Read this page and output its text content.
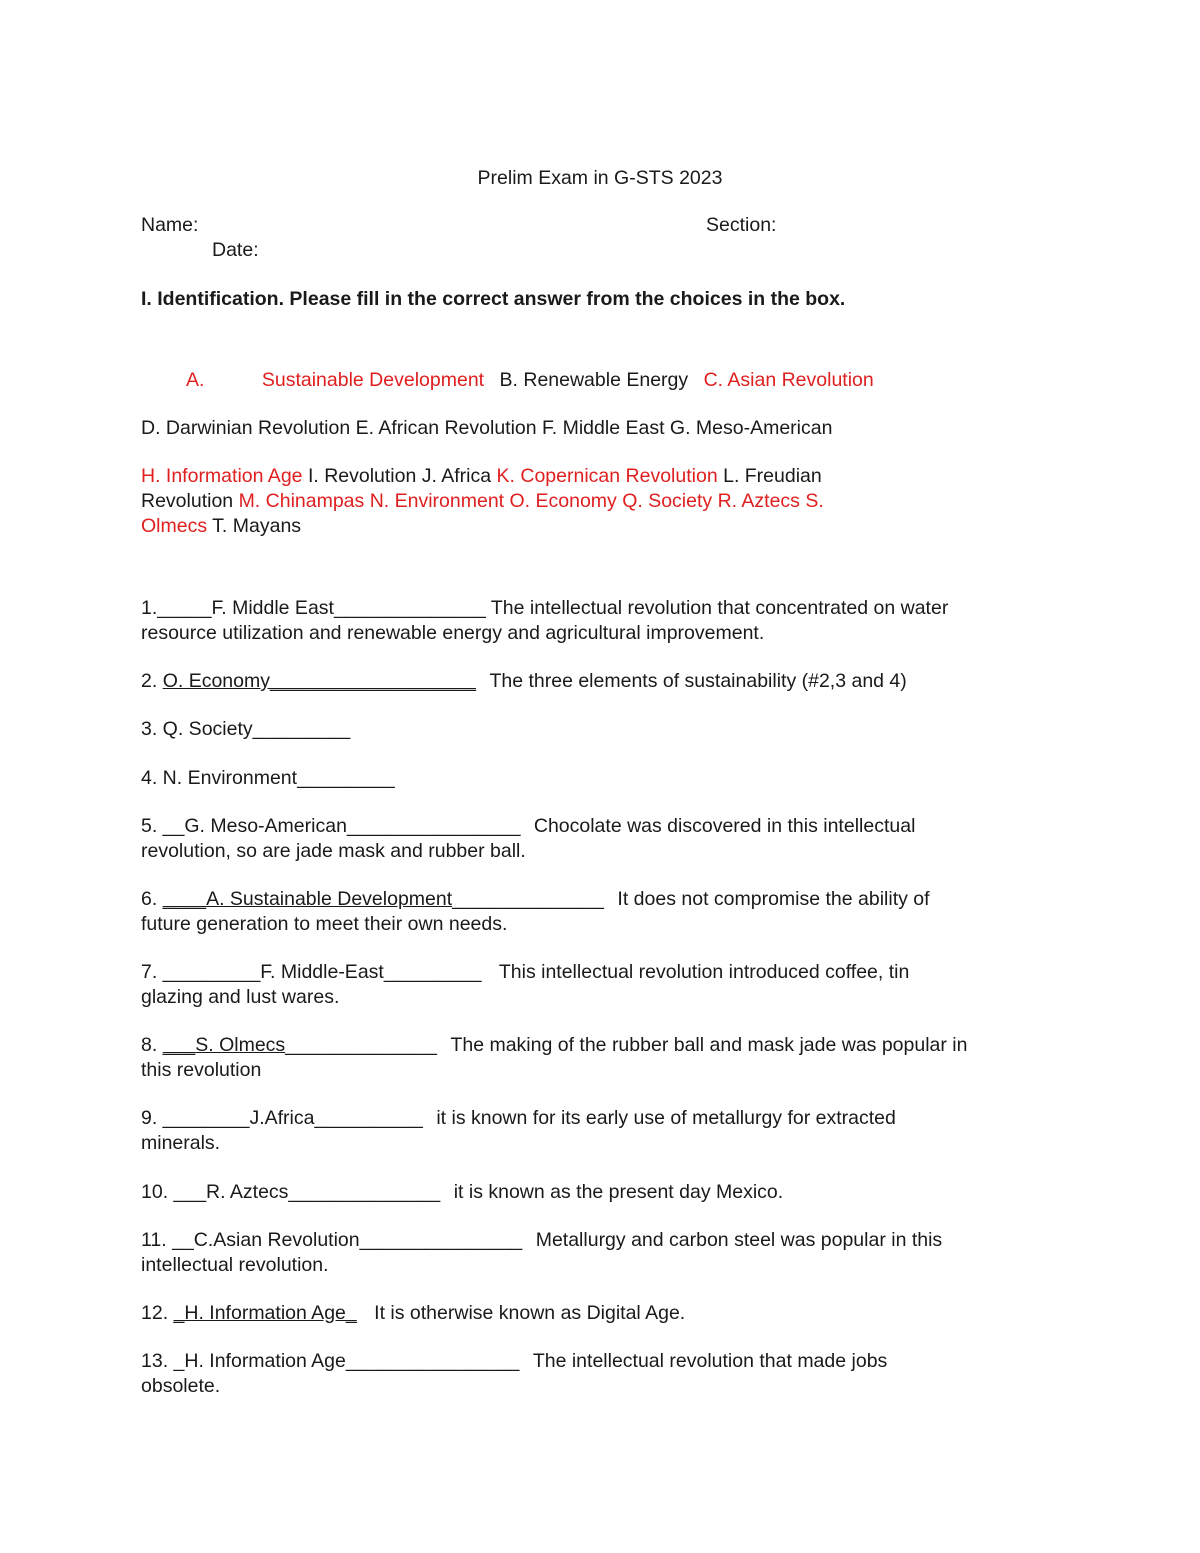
Prelim Exam in G-STS 2023
Name:	Section:
Date:
I. Identification. Please fill in the correct answer from the choices in the box.
A.	Sustainable Development B. Renewable Energy C. Asian Revolution
D. Darwinian Revolution E. African Revolution F. Middle East G. Meso-American
H. Information Age I. Revolution J. Africa K. Copernican Revolution L. Freudian
Revolution M. Chinampas N. Environment O. Economy Q. Society R. Aztecs S.
Olmecs T. Mayans
1._____F. Middle East______________ The intellectual revolution that concentrated on water
resource utilization and renewable energy and agricultural improvement.
2. O. Economy___________________ The three elements of sustainability (#2,3 and 4)
3. Q. Society_________
4. N. Environment_________
5. __G. Meso-American________________ Chocolate was discovered in this intellectual
revolution, so are jade mask and rubber ball.
6. ____A. Sustainable Development______________ It does not compromise the ability of
future generation to meet their own needs.
7. _________F. Middle-East_________ This intellectual revolution introduced coffee, tin
glazing and lust wares.
8. ___S. Olmecs______________ The making of the rubber ball and mask jade was popular in
this revolution
9. ________J.Africa__________ it is known for its early use of metallurgy for extracted
minerals.
10. ___R. Aztecs______________ it is known as the present day Mexico.
11. __C.Asian Revolution_______________ Metallurgy and carbon steel was popular in this
intellectual revolution.
12. _H. Information Age_ It is otherwise known as Digital Age.
13. _H. Information Age________________ The intellectual revolution that made jobs
obsolete.
